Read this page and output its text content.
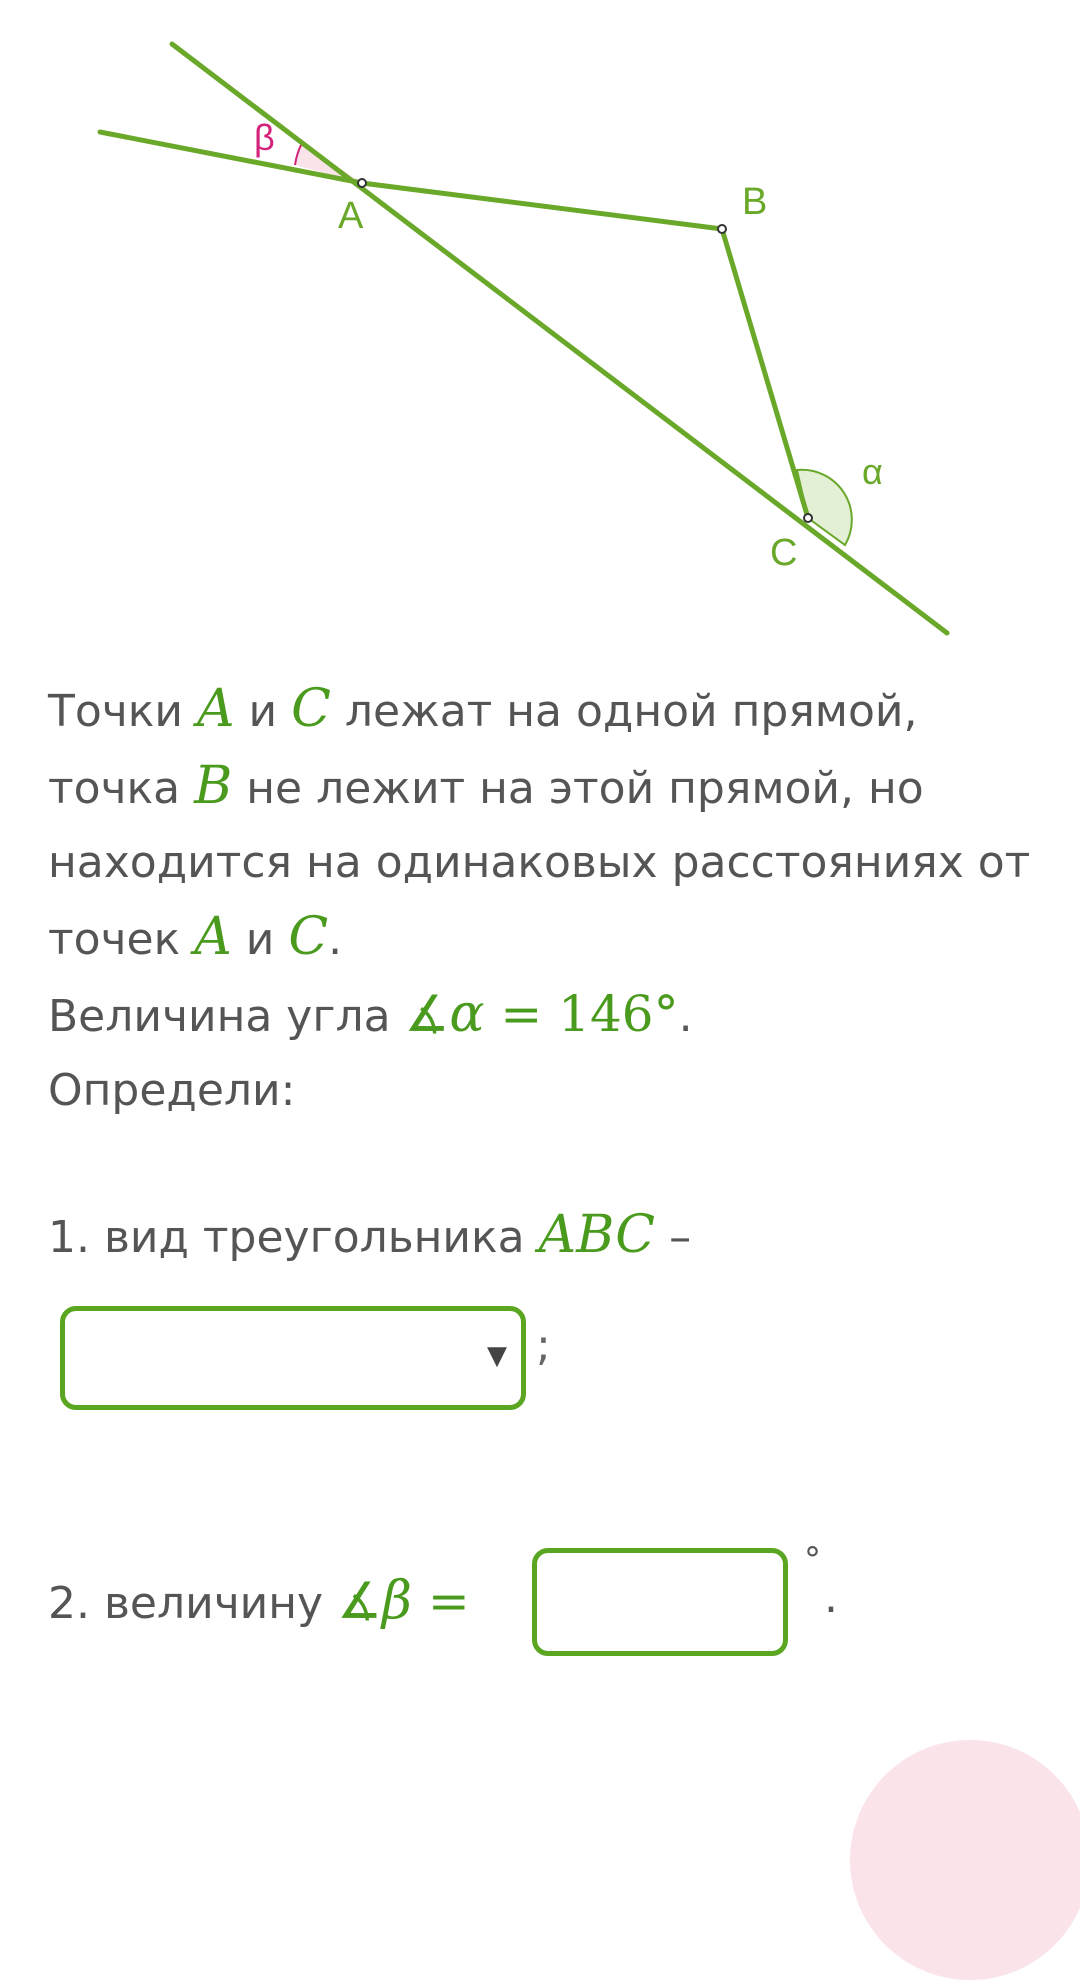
A	B
C
β
α

Точки A и C лежат на одной прямой,

точка B не лежит на этой прямой, но

находится на одинаковых расстояниях от

точек A и C.

Величина угла ∡α = 146°.

Определи:

1. вид треугольника ABC –
▼ ;
2. величину ∡β =
°
.
